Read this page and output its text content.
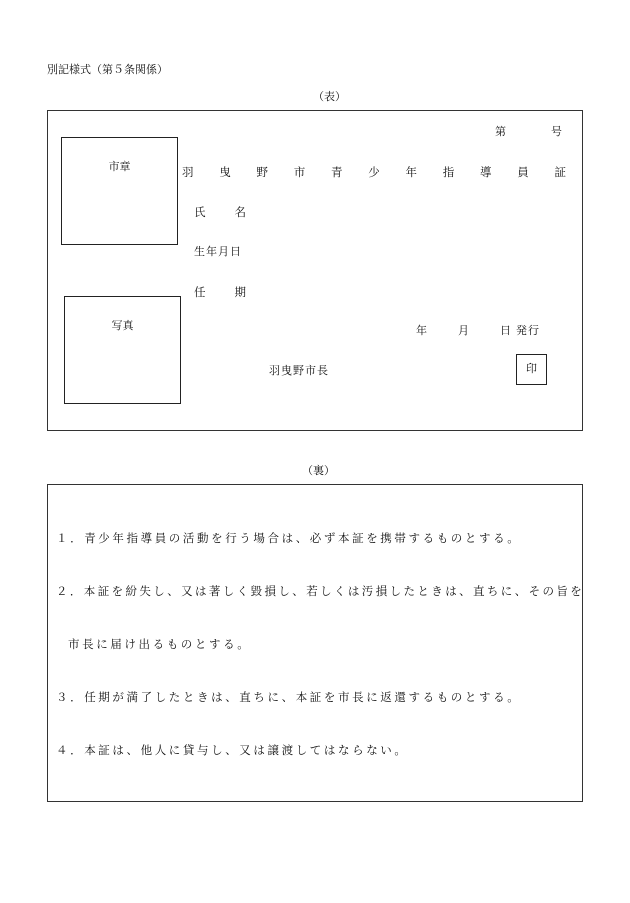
別記様式（第５条関係）
（表）
第	号
市章	羽 曳 野 市 青 少 年 指 導 員 証
氏	名
生年月日
任	期
写真	年	月	日 発行
羽曳野市長	印
（裏）
１．青少年指導員の活動を行う場合は、必ず本証を携帯するものとする。
２．本証を紛失し、又は著しく毀損し、若しくは汚損したときは、直ちに、その旨を
市長に届け出るものとする。
３．任期が満了したときは、直ちに、本証を市長に返還するものとする。
４．本証は、他人に貸与し、又は譲渡してはならない。
